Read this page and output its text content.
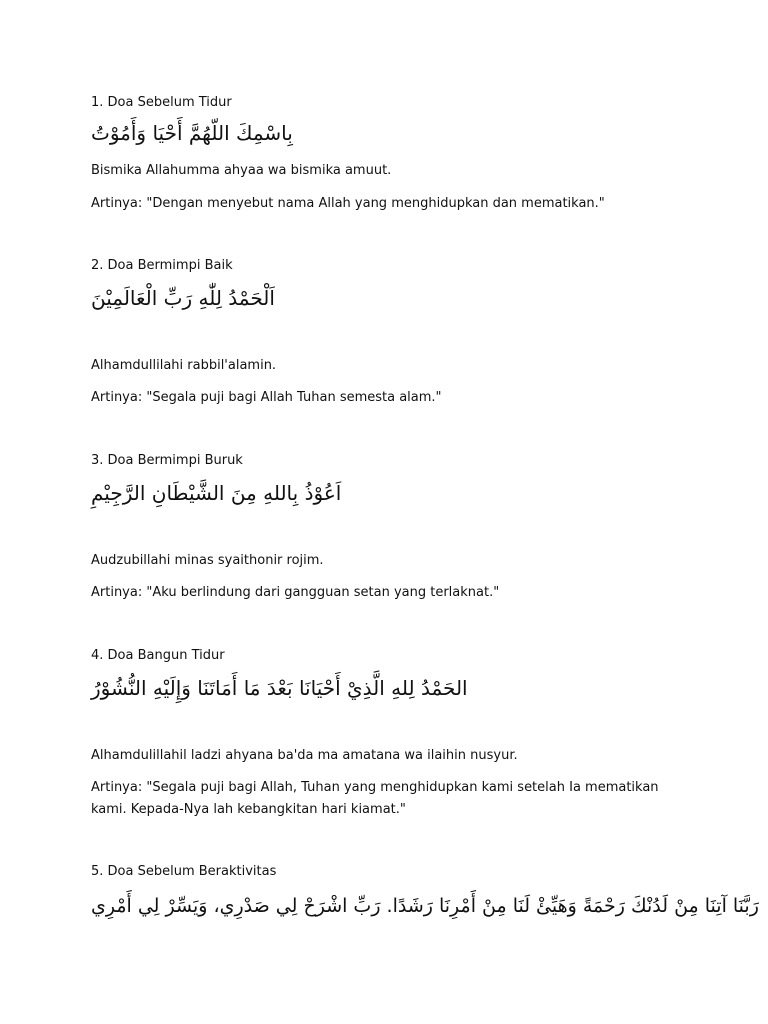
1. Doa Sebelum Tidur
بِاسْمِكَ اللّهُمَّ أَحْيَا وَأَمُوْتُ
Bismika Allahumma ahyaa wa bismika amuut.
Artinya: "Dengan menyebut nama Allah yang menghidupkan dan mematikan."
2. Doa Bermimpi Baik
اَلْحَمْدُ لِلّٰهِ رَبِّ الْعَالَمِيْنَ
Alhamdullilahi rabbil'alamin.
Artinya: "Segala puji bagi Allah Tuhan semesta alam."
3. Doa Bermimpi Buruk
اَعُوْذُ بِاللهِ مِنَ الشَّيْطَانِ الرَّجِيْمِ
Audzubillahi minas syaithonir rojim.
Artinya: "Aku berlindung dari gangguan setan yang terlaknat."
4. Doa Bangun Tidur
الحَمْدُ لِلهِ الَّذِيْ أَحْيَانَا بَعْدَ مَا أَمَاتَنَا وَإِلَيْهِ النُّشُوْرُ
Alhamdulillahil ladzi ahyana ba'da ma amatana wa ilaihin nusyur.
Artinya: "Segala puji bagi Allah, Tuhan yang menghidupkan kami setelah Ia mematikan kami. Kepada-Nya lah kebangkitan hari kiamat."
5. Doa Sebelum Beraktivitas
رَبَّنَا آتِنَا مِنْ لَدُنْكَ رَحْمَةً وَهَيِّئْ لَنَا مِنْ أَمْرِنَا رَشَدًا. رَبِّ اشْرَحْ لِي صَدْرِي، وَيَسِّرْ لِي أَمْرِي
